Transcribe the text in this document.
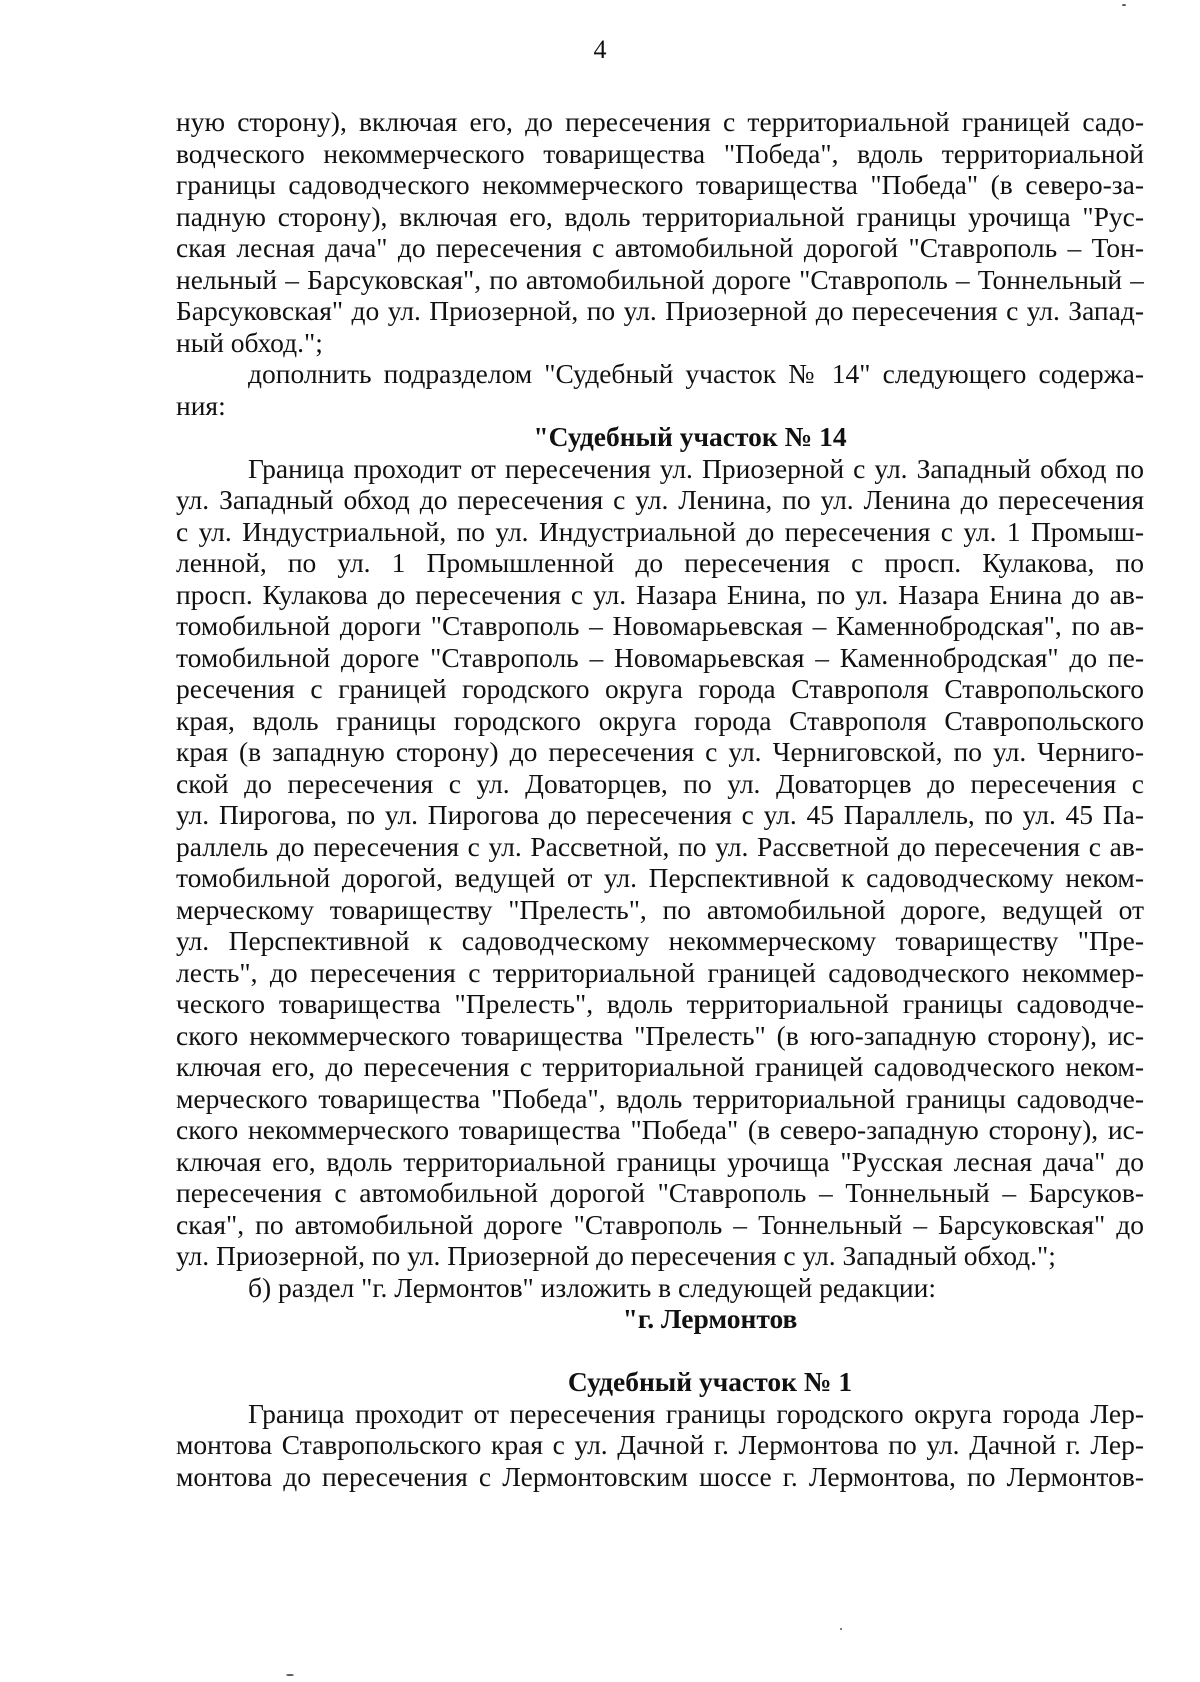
4
ную сторону), включая его, до пересечения с территориальной границей садо-
водческого некоммерческого товарищества "Победа", вдоль территориальной
границы садоводческого некоммерческого товарищества "Победа" (в северо-за-
падную сторону), включая его, вдоль территориальной границы урочища "Рус-
ская лесная дача" до пересечения с автомобильной дорогой "Ставрополь – Тон-
нельный – Барсуковская", по автомобильной дороге "Ставрополь – Тоннельный –
Барсуковская" до ул. Приозерной, по ул. Приозерной до пересечения с ул. Запад-
ный обход.";
дополнить подразделом "Судебный участок № 14" следующего содержа-
ния:
"Судебный участок № 14
Граница проходит от пересечения ул. Приозерной с ул. Западный обход по
ул. Западный обход до пересечения с ул. Ленина, по ул. Ленина до пересечения
с ул. Индустриальной, по ул. Индустриальной до пересечения с ул. 1 Промыш-
ленной, по ул. 1 Промышленной до пересечения с просп. Кулакова, по
просп. Кулакова до пересечения с ул. Назара Енина, по ул. Назара Енина до ав-
томобильной дороги "Ставрополь – Новомарьевская – Каменнобродская", по ав-
томобильной дороге "Ставрополь – Новомарьевская – Каменнобродская" до пе-
ресечения с границей городского округа города Ставрополя Ставропольского
края, вдоль границы городского округа города Ставрополя Ставропольского
края (в западную сторону) до пересечения с ул. Черниговской, по ул. Черниго-
ской до пересечения с ул. Доваторцев, по ул. Доваторцев до пересечения с
ул. Пирогова, по ул. Пирогова до пересечения с ул. 45 Параллель, по ул. 45 Па-
раллель до пересечения с ул. Рассветной, по ул. Рассветной до пересечения с ав-
томобильной дорогой, ведущей от ул. Перспективной к садоводческому неком-
мерческому товариществу "Прелесть", по автомобильной дороге, ведущей от
ул. Перспективной к садоводческому некоммерческому товариществу "Пре-
лесть", до пересечения с территориальной границей садоводческого некоммер-
ческого товарищества "Прелесть", вдоль территориальной границы садоводче-
ского некоммерческого товарищества "Прелесть" (в юго-западную сторону), ис-
ключая его, до пересечения с территориальной границей садоводческого неком-
мерческого товарищества "Победа", вдоль территориальной границы садоводче-
ского некоммерческого товарищества "Победа" (в северо-западную сторону), ис-
ключая его, вдоль территориальной границы урочища "Русская лесная дача" до
пересечения с автомобильной дорогой "Ставрополь – Тоннельный – Барсуков-
ская", по автомобильной дороге "Ставрополь – Тоннельный – Барсуковская" до
ул. Приозерной, по ул. Приозерной до пересечения с ул. Западный обход.";
б) раздел "г. Лермонтов" изложить в следующей редакции:
"г. Лермонтов
Судебный участок № 1
Граница проходит от пересечения границы городского округа города Лер-
монтова Ставропольского края с ул. Дачной г. Лермонтова по ул. Дачной г. Лер-
монтова до пересечения с Лермонтовским шоссе г. Лермонтова, по Лермонтов-
